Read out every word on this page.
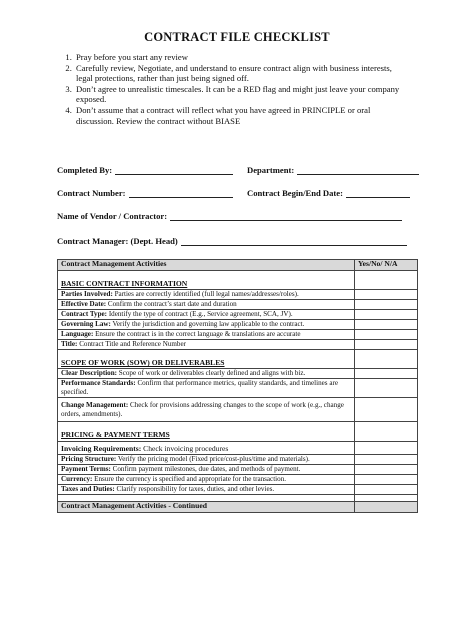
CONTRACT FILE CHECKLIST
1. Pray before you start any review
2. Carefully review, Negotiate, and understand to ensure contract align with business interests, legal protections, rather than just being signed off.
3. Don’t agree to unrealistic timescales. It can be a RED flag and might just leave your company exposed.
4. Don’t assume that a contract will reflect what you have agreed in PRINCIPLE or oral discussion. Review the contract without BIASE
Completed By:	Department:
Contract Number:	Contract Begin/End Date:
Name of Vendor / Contractor:
Contract Manager: (Dept. Head)
Contract Management Activities	Yes/No/ N/A
BASIC CONTRACT INFORMATION	
Parties Involved: Parties are correctly identified (full legal names/addresses/roles).	
Effective Date: Confirm the contract’s start date and duration	
Contract Type: Identify the type of contract (E.g., Service agreement, SCA, JV).	
Governing Law: Verify the jurisdiction and governing law applicable to the contract.	
Language: Ensure the contract is in the correct language & translations are accurate	
Title: Contract Title and Reference Number	
SCOPE OF WORK (SOW) OR DELIVERABLES	
Clear Description: Scope of work or deliverables clearly defined and aligns with biz.	
Performance Standards: Confirm that performance metrics, quality standards, and timelines are specified.	
Change Management: Check for provisions addressing changes to the scope of work (e.g., change orders, amendments).	
PRICING & PAYMENT TERMS	
Invoicing Requirements: Check invoicing procedures	
Pricing Structure: Verify the pricing model (Fixed price/cost-plus/time and materials).	
Payment Terms: Confirm payment milestones, due dates, and methods of payment.	
Currency: Ensure the currency is specified and appropriate for the transaction.	
Taxes and Duties: Clarify responsibility for taxes, duties, and other levies.	

Contract Management Activities - Continued	
